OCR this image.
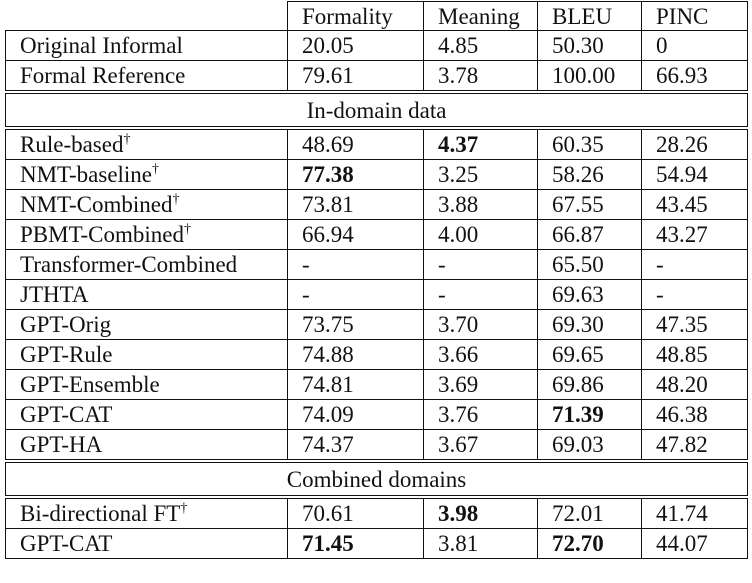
	Formality	Meaning	BLEU	PINC
Original Informal	20.05	4.85	50.30	0
Formal Reference	79.61	3.78	100.00	66.93
In-domain data				
Rule-based†	48.69	4.37	60.35	28.26
NMT-baseline†	77.38	3.25	58.26	54.94
NMT-Combined†	73.81	3.88	67.55	43.45
PBMT-Combined†	66.94	4.00	66.87	43.27
Transformer-Combined	-	-	65.50	-
JTHTA	-	-	69.63	-
GPT-Orig	73.75	3.70	69.30	47.35
GPT-Rule	74.88	3.66	69.65	48.85
GPT-Ensemble	74.81	3.69	69.86	48.20
GPT-CAT	74.09	3.76	71.39	46.38
GPT-HA	74.37	3.67	69.03	47.82
Combined domains				
Bi-directional FT†	70.61	3.98	72.01	41.74
GPT-CAT	71.45	3.81	72.70	44.07
